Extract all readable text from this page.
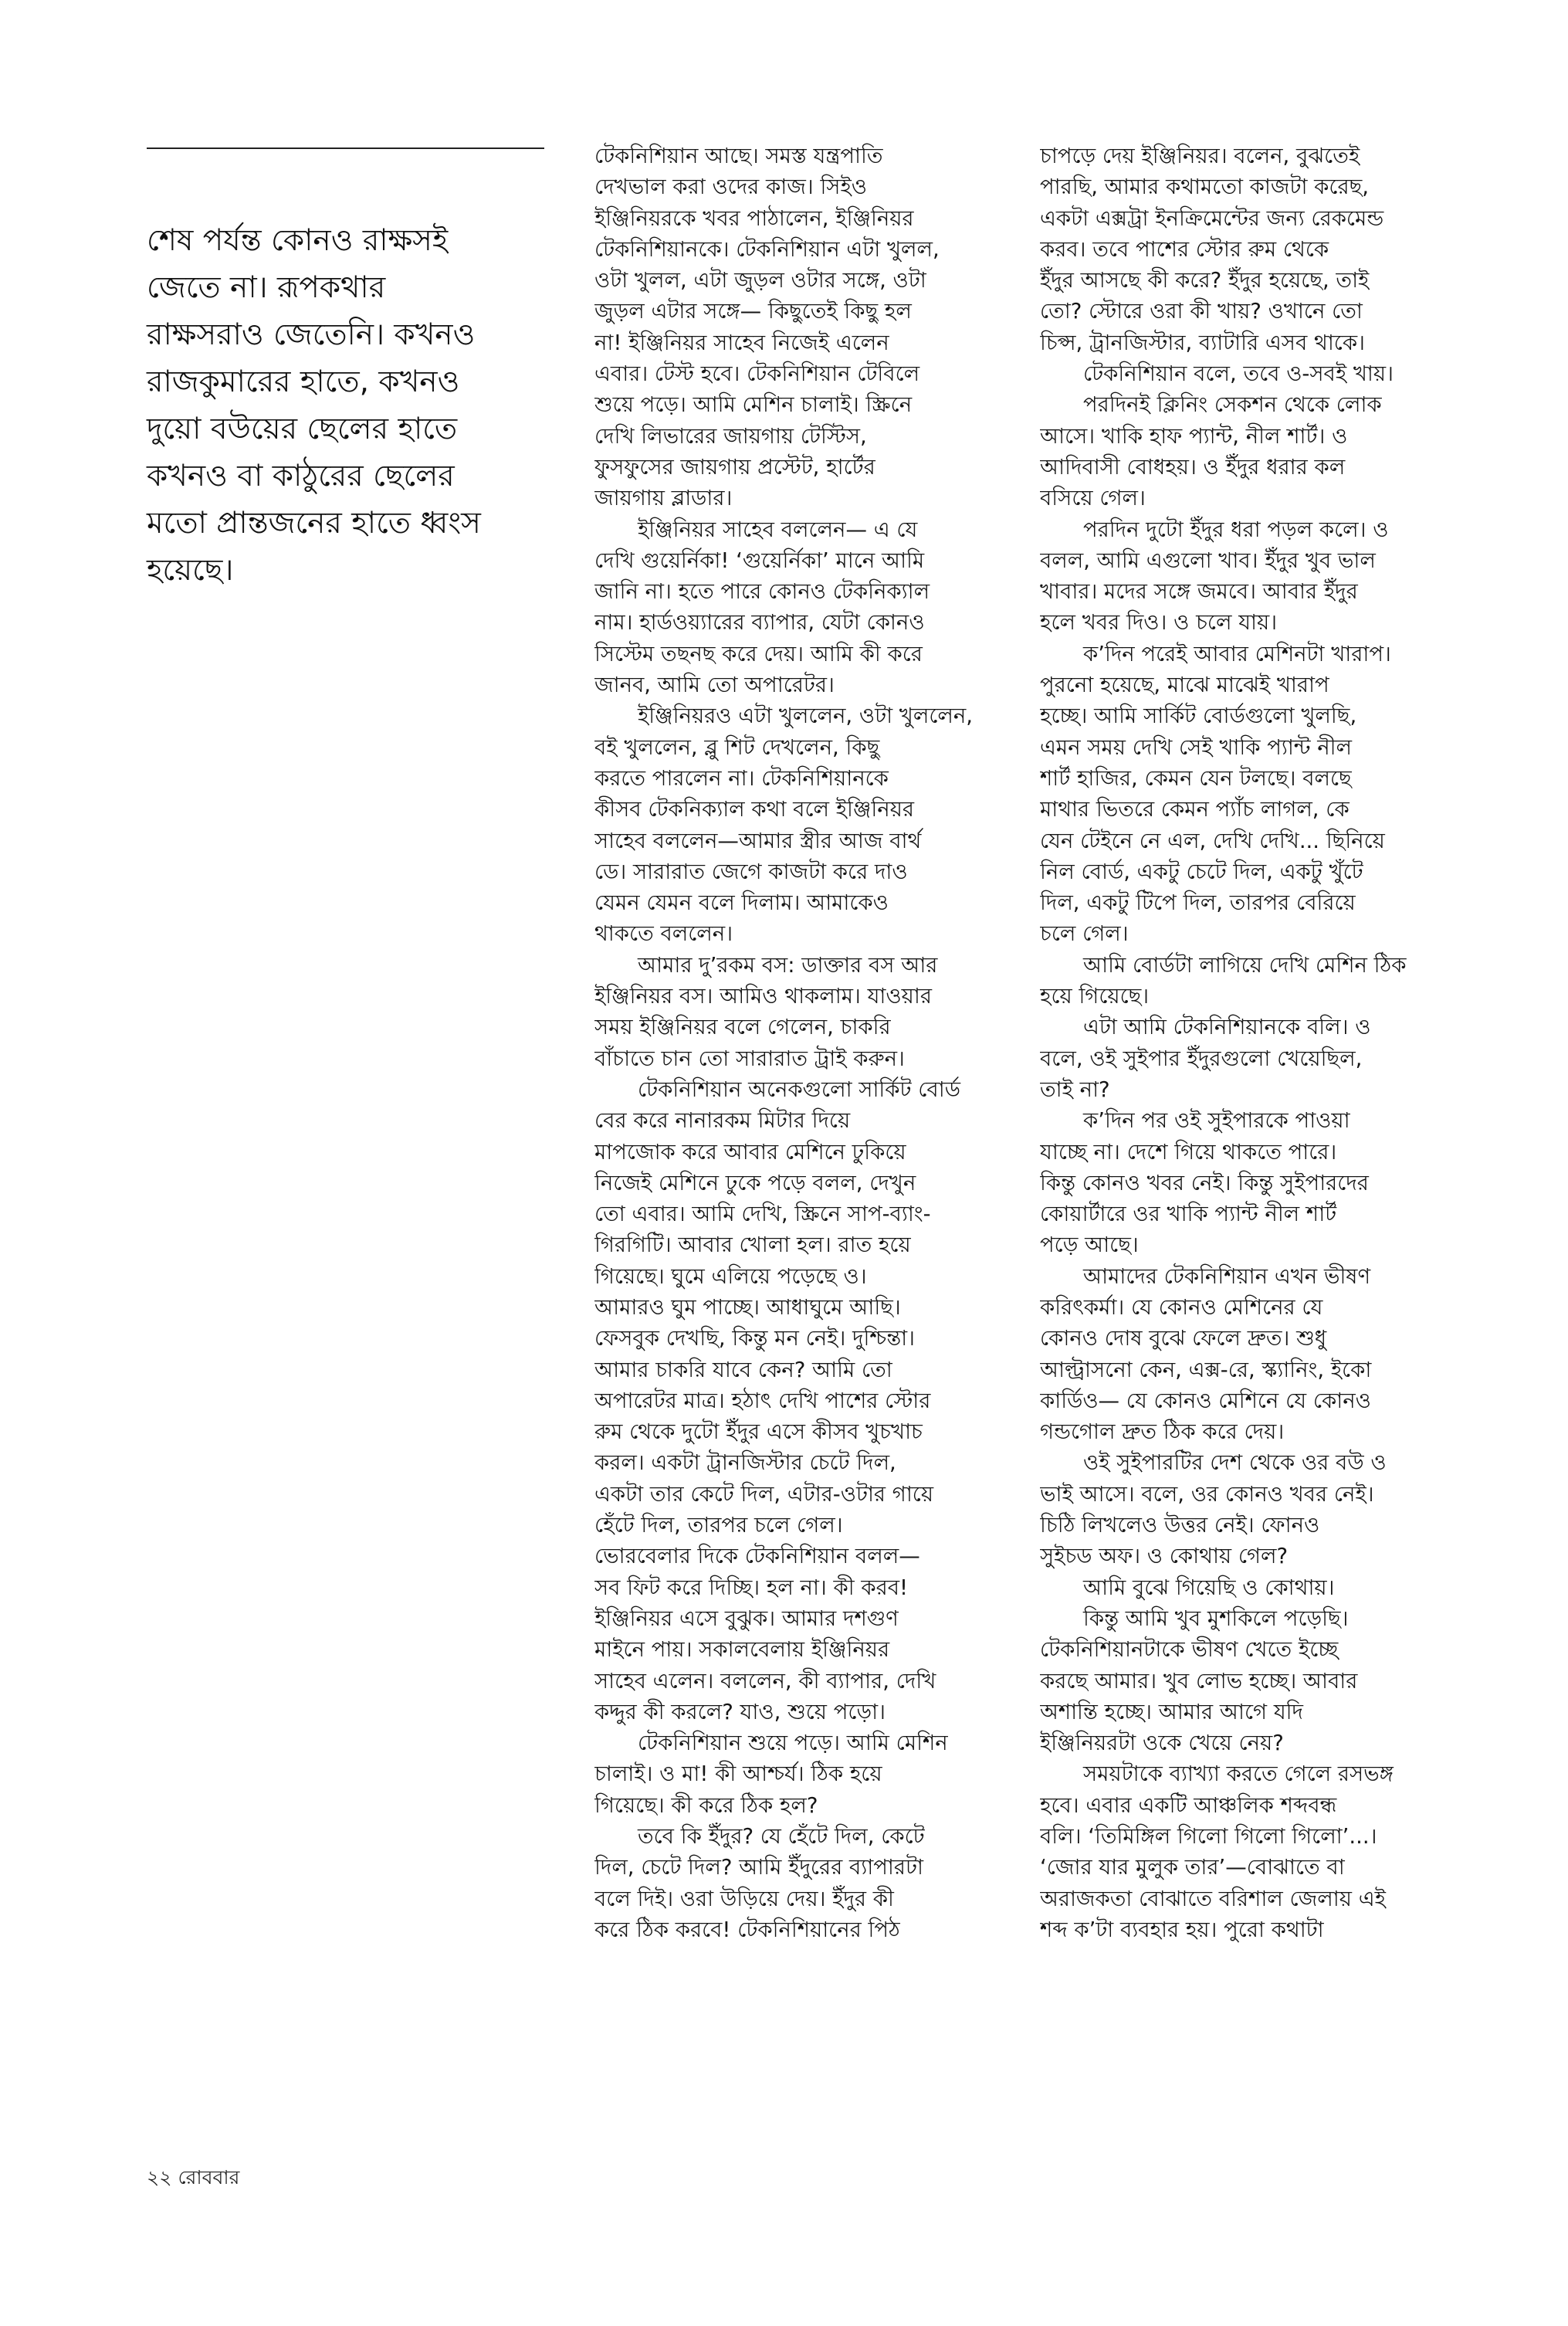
শেষ পর্যন্ত কোনও রাক্ষসই
জেতে না। রূপকথার
রাক্ষসরাও জেতেনি। কখনও
রাজকুমারের হাতে, কখনও
দুয়ো বউয়ের ছেলের হাতে
কখনও বা কাঠুরের ছেলের
মতো প্রান্তজনের হাতে ধ্বংস
হয়েছে।
টেকনিশিয়ান আছে। সমস্ত যন্ত্রপাতি
দেখভাল করা ওদের কাজ। সিইও
ইঞ্জিনিয়রকে খবর পাঠালেন, ইঞ্জিনিয়র
টেকনিশিয়ানকে। টেকনিশিয়ান এটা খুলল,
ওটা খুলল, এটা জুড়ল ওটার সঙ্গে, ওটা
জুড়ল এটার সঙ্গে— কিছুতেই কিছু হল
না! ইঞ্জিনিয়র সাহেব নিজেই এলেন
এবার। টেস্ট হবে। টেকনিশিয়ান টেবিলে
শুয়ে পড়ে। আমি মেশিন চালাই। স্ক্রিনে
দেখি লিভারের জায়গায় টেস্টিস,
ফুসফুসের জায়গায় প্রস্টেট, হার্টের
জায়গায় ব্লাডার।
ইঞ্জিনিয়র সাহেব বললেন— এ যে
দেখি গুয়ের্নিকা! ‘গুয়ের্নিকা’ মানে আমি
জানি না। হতে পারে কোনও টেকনিক্যাল
নাম। হার্ডওয়্যারের ব্যাপার, যেটা কোনও
সিস্টেম তছনছ করে দেয়। আমি কী করে
জানব, আমি তো অপারেটর।
ইঞ্জিনিয়রও এটা খুললেন, ওটা খুললেন,
বই খুললেন, ব্লু শিট দেখলেন, কিছু
করতে পারলেন না। টেকনিশিয়ানকে
কীসব টেকনিক্যাল কথা বলে ইঞ্জিনিয়র
সাহেব বললেন—আমার স্ত্রীর আজ বার্থ
ডে। সারারাত জেগে কাজটা করে দাও
যেমন যেমন বলে দিলাম। আমাকেও
থাকতে বললেন।
আমার দু’রকম বস: ডাক্তার বস আর
ইঞ্জিনিয়র বস। আমিও থাকলাম। যাওয়ার
সময় ইঞ্জিনিয়র বলে গেলেন, চাকরি
বাঁচাতে চান তো সারারাত ট্রাই করুন।
টেকনিশিয়ান অনেকগুলো সার্কিট বোর্ড
বের করে নানারকম মিটার দিয়ে
মাপজোক করে আবার মেশিনে ঢুকিয়ে
নিজেই মেশিনে ঢুকে পড়ে বলল, দেখুন
তো এবার। আমি দেখি, স্ক্রিনে সাপ-ব্যাং-
গিরগিটি। আবার খোলা হল। রাত হয়ে
গিয়েছে। ঘুমে এলিয়ে পড়েছে ও।
আমারও ঘুম পাচ্ছে। আধাঘুমে আছি।
ফেসবুক দেখছি, কিন্তু মন নেই। দুশ্চিন্তা।
আমার চাকরি যাবে কেন? আমি তো
অপারেটর মাত্র। হঠাৎ দেখি পাশের স্টোর
রুম থেকে দুটো ইঁদুর এসে কীসব খুচখাচ
করল। একটা ট্রানজিস্টার চেটে দিল,
একটা তার কেটে দিল, এটার-ওটার গায়ে
হেঁটে দিল, তারপর চলে গেল।
ভোরবেলার দিকে টেকনিশিয়ান বলল—
সব ফিট করে দিচ্ছি। হল না। কী করব!
ইঞ্জিনিয়র এসে বুঝুক। আমার দশগুণ
মাইনে পায়। সকালবেলায় ইঞ্জিনিয়র
সাহেব এলেন। বললেন, কী ব্যাপার, দেখি
কদ্দুর কী করলে? যাও, শুয়ে পড়ো।
টেকনিশিয়ান শুয়ে পড়ে। আমি মেশিন
চালাই। ও মা! কী আশ্চর্য। ঠিক হয়ে
গিয়েছে। কী করে ঠিক হল?
তবে কি ইঁদুর? যে হেঁটে দিল, কেটে
দিল, চেটে দিল? আমি ইঁদুরের ব্যাপারটা
বলে দিই। ওরা উড়িয়ে দেয়। ইঁদুর কী
করে ঠিক করবে! টেকনিশিয়ানের পিঠ
চাপড়ে দেয় ইঞ্জিনিয়র। বলেন, বুঝতেই
পারছি, আমার কথামতো কাজটা করেছ,
একটা এক্সট্রা ইনক্রিমেন্টের জন্য রেকমেন্ড
করব। তবে পাশের স্টোর রুম থেকে
ইঁদুর আসছে কী করে? ইঁদুর হয়েছে, তাই
তো? স্টোরে ওরা কী খায়? ওখানে তো
চিপ্স, ট্রানজিস্টার, ব্যাটারি এসব থাকে।
টেকনিশিয়ান বলে, তবে ও-সবই খায়।
পরদিনই ক্লিনিং সেকশন থেকে লোক
আসে। খাকি হাফ প্যান্ট, নীল শার্ট। ও
আদিবাসী বোধহয়। ও ইঁদুর ধরার কল
বসিয়ে গেল।
পরদিন দুটো ইঁদুর ধরা পড়ল কলে। ও
বলল, আমি এগুলো খাব। ইঁদুর খুব ভাল
খাবার। মদের সঙ্গে জমবে। আবার ইঁদুর
হলে খবর দিও। ও চলে যায়।
ক’দিন পরেই আবার মেশিনটা খারাপ।
পুরনো হয়েছে, মাঝে মাঝেই খারাপ
হচ্ছে। আমি সার্কিট বোর্ডগুলো খুলছি,
এমন সময় দেখি সেই খাকি প্যান্ট নীল
শার্ট হাজির, কেমন যেন টলছে। বলছে
মাথার ভিতরে কেমন প্যাঁচ লাগল, কে
যেন টেইনে নে এল, দেখি দেখি... ছিনিয়ে
নিল বোর্ড, একটু চেটে দিল, একটু খুঁটে
দিল, একটু টিপে দিল, তারপর বেরিয়ে
চলে গেল।
আমি বোর্ডটা লাগিয়ে দেখি মেশিন ঠিক
হয়ে গিয়েছে।
এটা আমি টেকনিশিয়ানকে বলি। ও
বলে, ওই সুইপার ইঁদুরগুলো খেয়েছিল,
তাই না?
ক’দিন পর ওই সুইপারকে পাওয়া
যাচ্ছে না। দেশে গিয়ে থাকতে পারে।
কিন্তু কোনও খবর নেই। কিন্তু সুইপারদের
কোয়ার্টারে ওর খাকি প্যান্ট নীল শার্ট
পড়ে আছে।
আমাদের টেকনিশিয়ান এখন ভীষণ
করিৎকর্মা। যে কোনও মেশিনের যে
কোনও দোষ বুঝে ফেলে দ্রুত। শুধু
আল্ট্রাসনো কেন, এক্স-রে, স্ক্যানিং, ইকো
কার্ডিও— যে কোনও মেশিনে যে কোনও
গন্ডগোল দ্রুত ঠিক করে দেয়।
ওই সুইপারটির দেশ থেকে ওর বউ ও
ভাই আসে। বলে, ওর কোনও খবর নেই।
চিঠি লিখলেও উত্তর নেই। ফোনও
সুইচড অফ। ও কোথায় গেল?
আমি বুঝে গিয়েছি ও কোথায়।
কিন্তু আমি খুব মুশকিলে পড়েছি।
টেকনিশিয়ানটাকে ভীষণ খেতে ইচ্ছে
করছে আমার। খুব লোভ হচ্ছে। আবার
অশান্তি হচ্ছে। আমার আগে যদি
ইঞ্জিনিয়রটা ওকে খেয়ে নেয়?
সময়টাকে ব্যাখ্যা করতে গেলে রসভঙ্গ
হবে। এবার একটি আঞ্চলিক শব্দবন্ধ
বলি। ‘তিমিঙ্গিল গিলো গিলো গিলো’...।
‘জোর যার মুলুক তার’—বোঝাতে বা
অরাজকতা বোঝাতে বরিশাল জেলায় এই
শব্দ ক’টা ব্যবহার হয়। পুরো কথাটা
২২ রোববার
